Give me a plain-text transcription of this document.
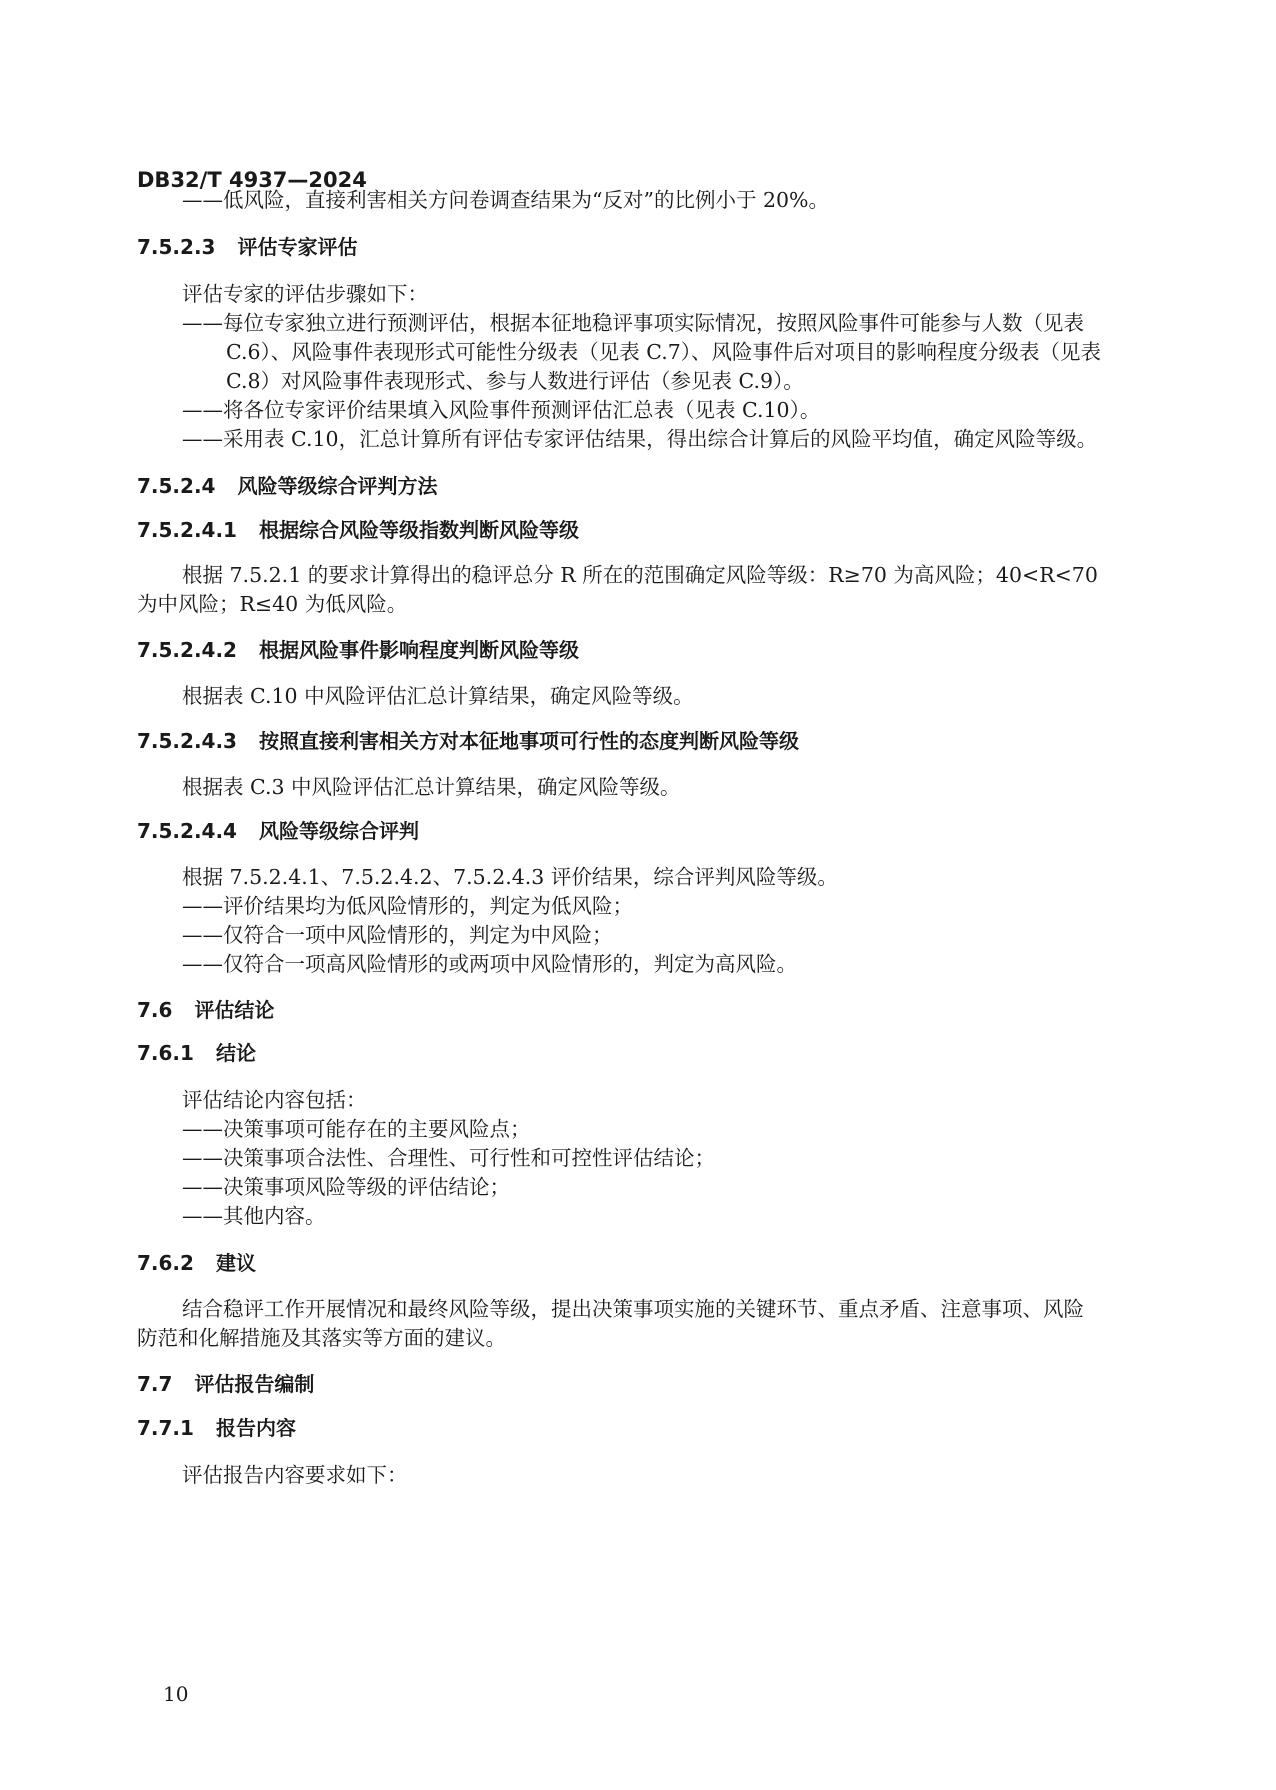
DB32/T 4937—2024
——低风险，直接利害相关方问卷调查结果为“反对”的比例小于 20%。
7.5.2.3 评估专家评估
评估专家的评估步骤如下：
——每位专家独立进行预测评估，根据本征地稳评事项实际情况，按照风险事件可能参与人数（见表
C.6）、风险事件表现形式可能性分级表（见表 C.7）、风险事件后对项目的影响程度分级表（见表
C.8）对风险事件表现形式、参与人数进行评估（参见表 C.9）。
——将各位专家评价结果填入风险事件预测评估汇总表（见表 C.10）。
——采用表 C.10，汇总计算所有评估专家评估结果，得出综合计算后的风险平均值，确定风险等级。
7.5.2.4 风险等级综合评判方法
7.5.2.4.1 根据综合风险等级指数判断风险等级
根据 7.5.2.1 的要求计算得出的稳评总分 R 所在的范围确定风险等级：R≥70 为高风险；40<R<70
为中风险；R≤40 为低风险。
7.5.2.4.2 根据风险事件影响程度判断风险等级
根据表 C.10 中风险评估汇总计算结果，确定风险等级。
7.5.2.4.3 按照直接利害相关方对本征地事项可行性的态度判断风险等级
根据表 C.3 中风险评估汇总计算结果，确定风险等级。
7.5.2.4.4 风险等级综合评判
根据 7.5.2.4.1、7.5.2.4.2、7.5.2.4.3 评价结果，综合评判风险等级。
——评价结果均为低风险情形的，判定为低风险；
——仅符合一项中风险情形的，判定为中风险；
——仅符合一项高风险情形的或两项中风险情形的，判定为高风险。
7.6 评估结论
7.6.1 结论
评估结论内容包括：
——决策事项可能存在的主要风险点；
——决策事项合法性、合理性、可行性和可控性评估结论；
——决策事项风险等级的评估结论；
——其他内容。
7.6.2 建议
结合稳评工作开展情况和最终风险等级，提出决策事项实施的关键环节、重点矛盾、注意事项、风险
防范和化解措施及其落实等方面的建议。
7.7 评估报告编制
7.7.1 报告内容
评估报告内容要求如下：
10
